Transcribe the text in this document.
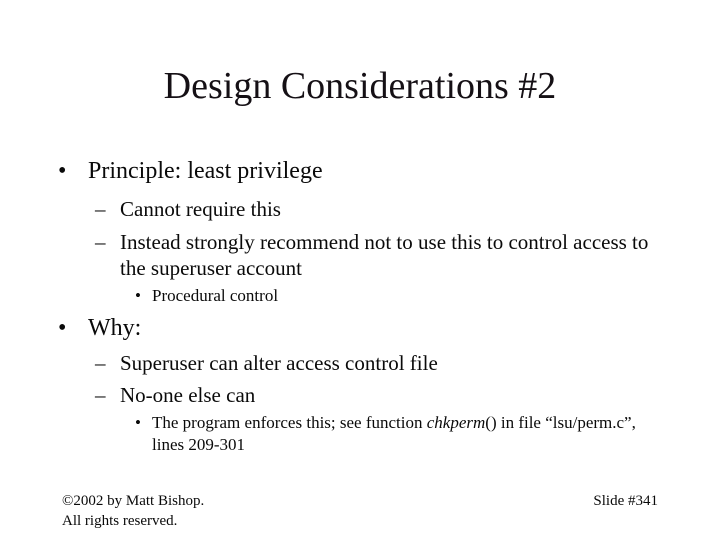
Design Considerations #2
• Principle: least privilege
– Cannot require this
– Instead strongly recommend not to use this to control access to the superuser account
• Procedural control
• Why:
– Superuser can alter access control file
– No-one else can
• The program enforces this; see function chkperm() in file “lsu/perm.c”, lines 209-301
©2002 by Matt Bishop.
All rights reserved.
Slide #341
